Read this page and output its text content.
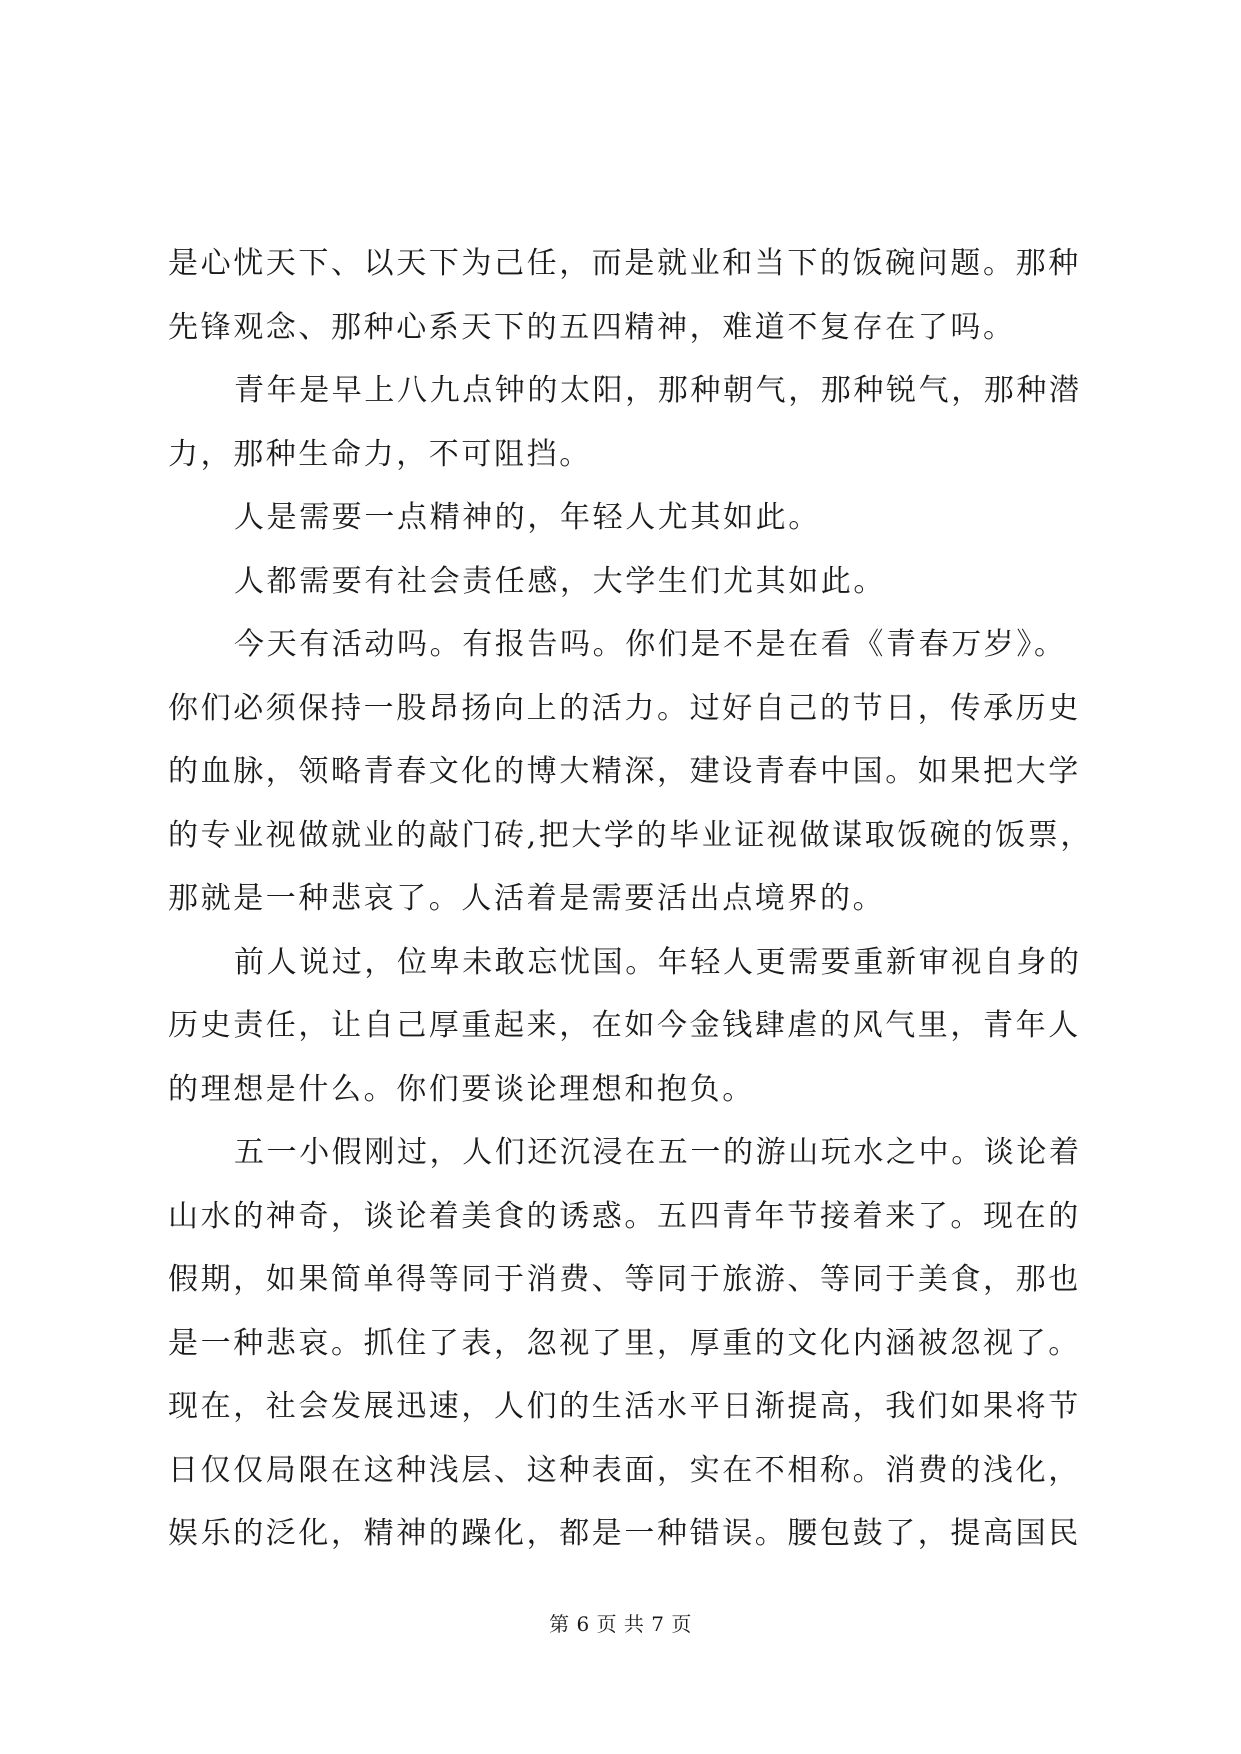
是心忧天下、以天下为己任，而是就业和当下的饭碗问题。那种
先锋观念、那种心系天下的五四精神，难道不复存在了吗。
青年是早上八九点钟的太阳，那种朝气，那种锐气，那种潜
力，那种生命力，不可阻挡。
人是需要一点精神的，年轻人尤其如此。
人都需要有社会责任感，大学生们尤其如此。
今天有活动吗。有报告吗。你们是不是在看《青春万岁》。
你们必须保持一股昂扬向上的活力。过好自己的节日，传承历史
的血脉，领略青春文化的博大精深，建设青春中国。如果把大学
的专业视做就业的敲门砖,把大学的毕业证视做谋取饭碗的饭票，
那就是一种悲哀了。人活着是需要活出点境界的。
前人说过，位卑未敢忘忧国。年轻人更需要重新审视自身的
历史责任，让自己厚重起来，在如今金钱肆虐的风气里，青年人
的理想是什么。你们要谈论理想和抱负。
五一小假刚过，人们还沉浸在五一的游山玩水之中。谈论着
山水的神奇，谈论着美食的诱惑。五四青年节接着来了。现在的
假期，如果简单得等同于消费、等同于旅游、等同于美食，那也
是一种悲哀。抓住了表，忽视了里，厚重的文化内涵被忽视了。
现在，社会发展迅速，人们的生活水平日渐提高，我们如果将节
日仅仅局限在这种浅层、这种表面，实在不相称。消费的浅化，
娱乐的泛化，精神的躁化，都是一种错误。腰包鼓了，提高国民
第 6 页 共 7 页
